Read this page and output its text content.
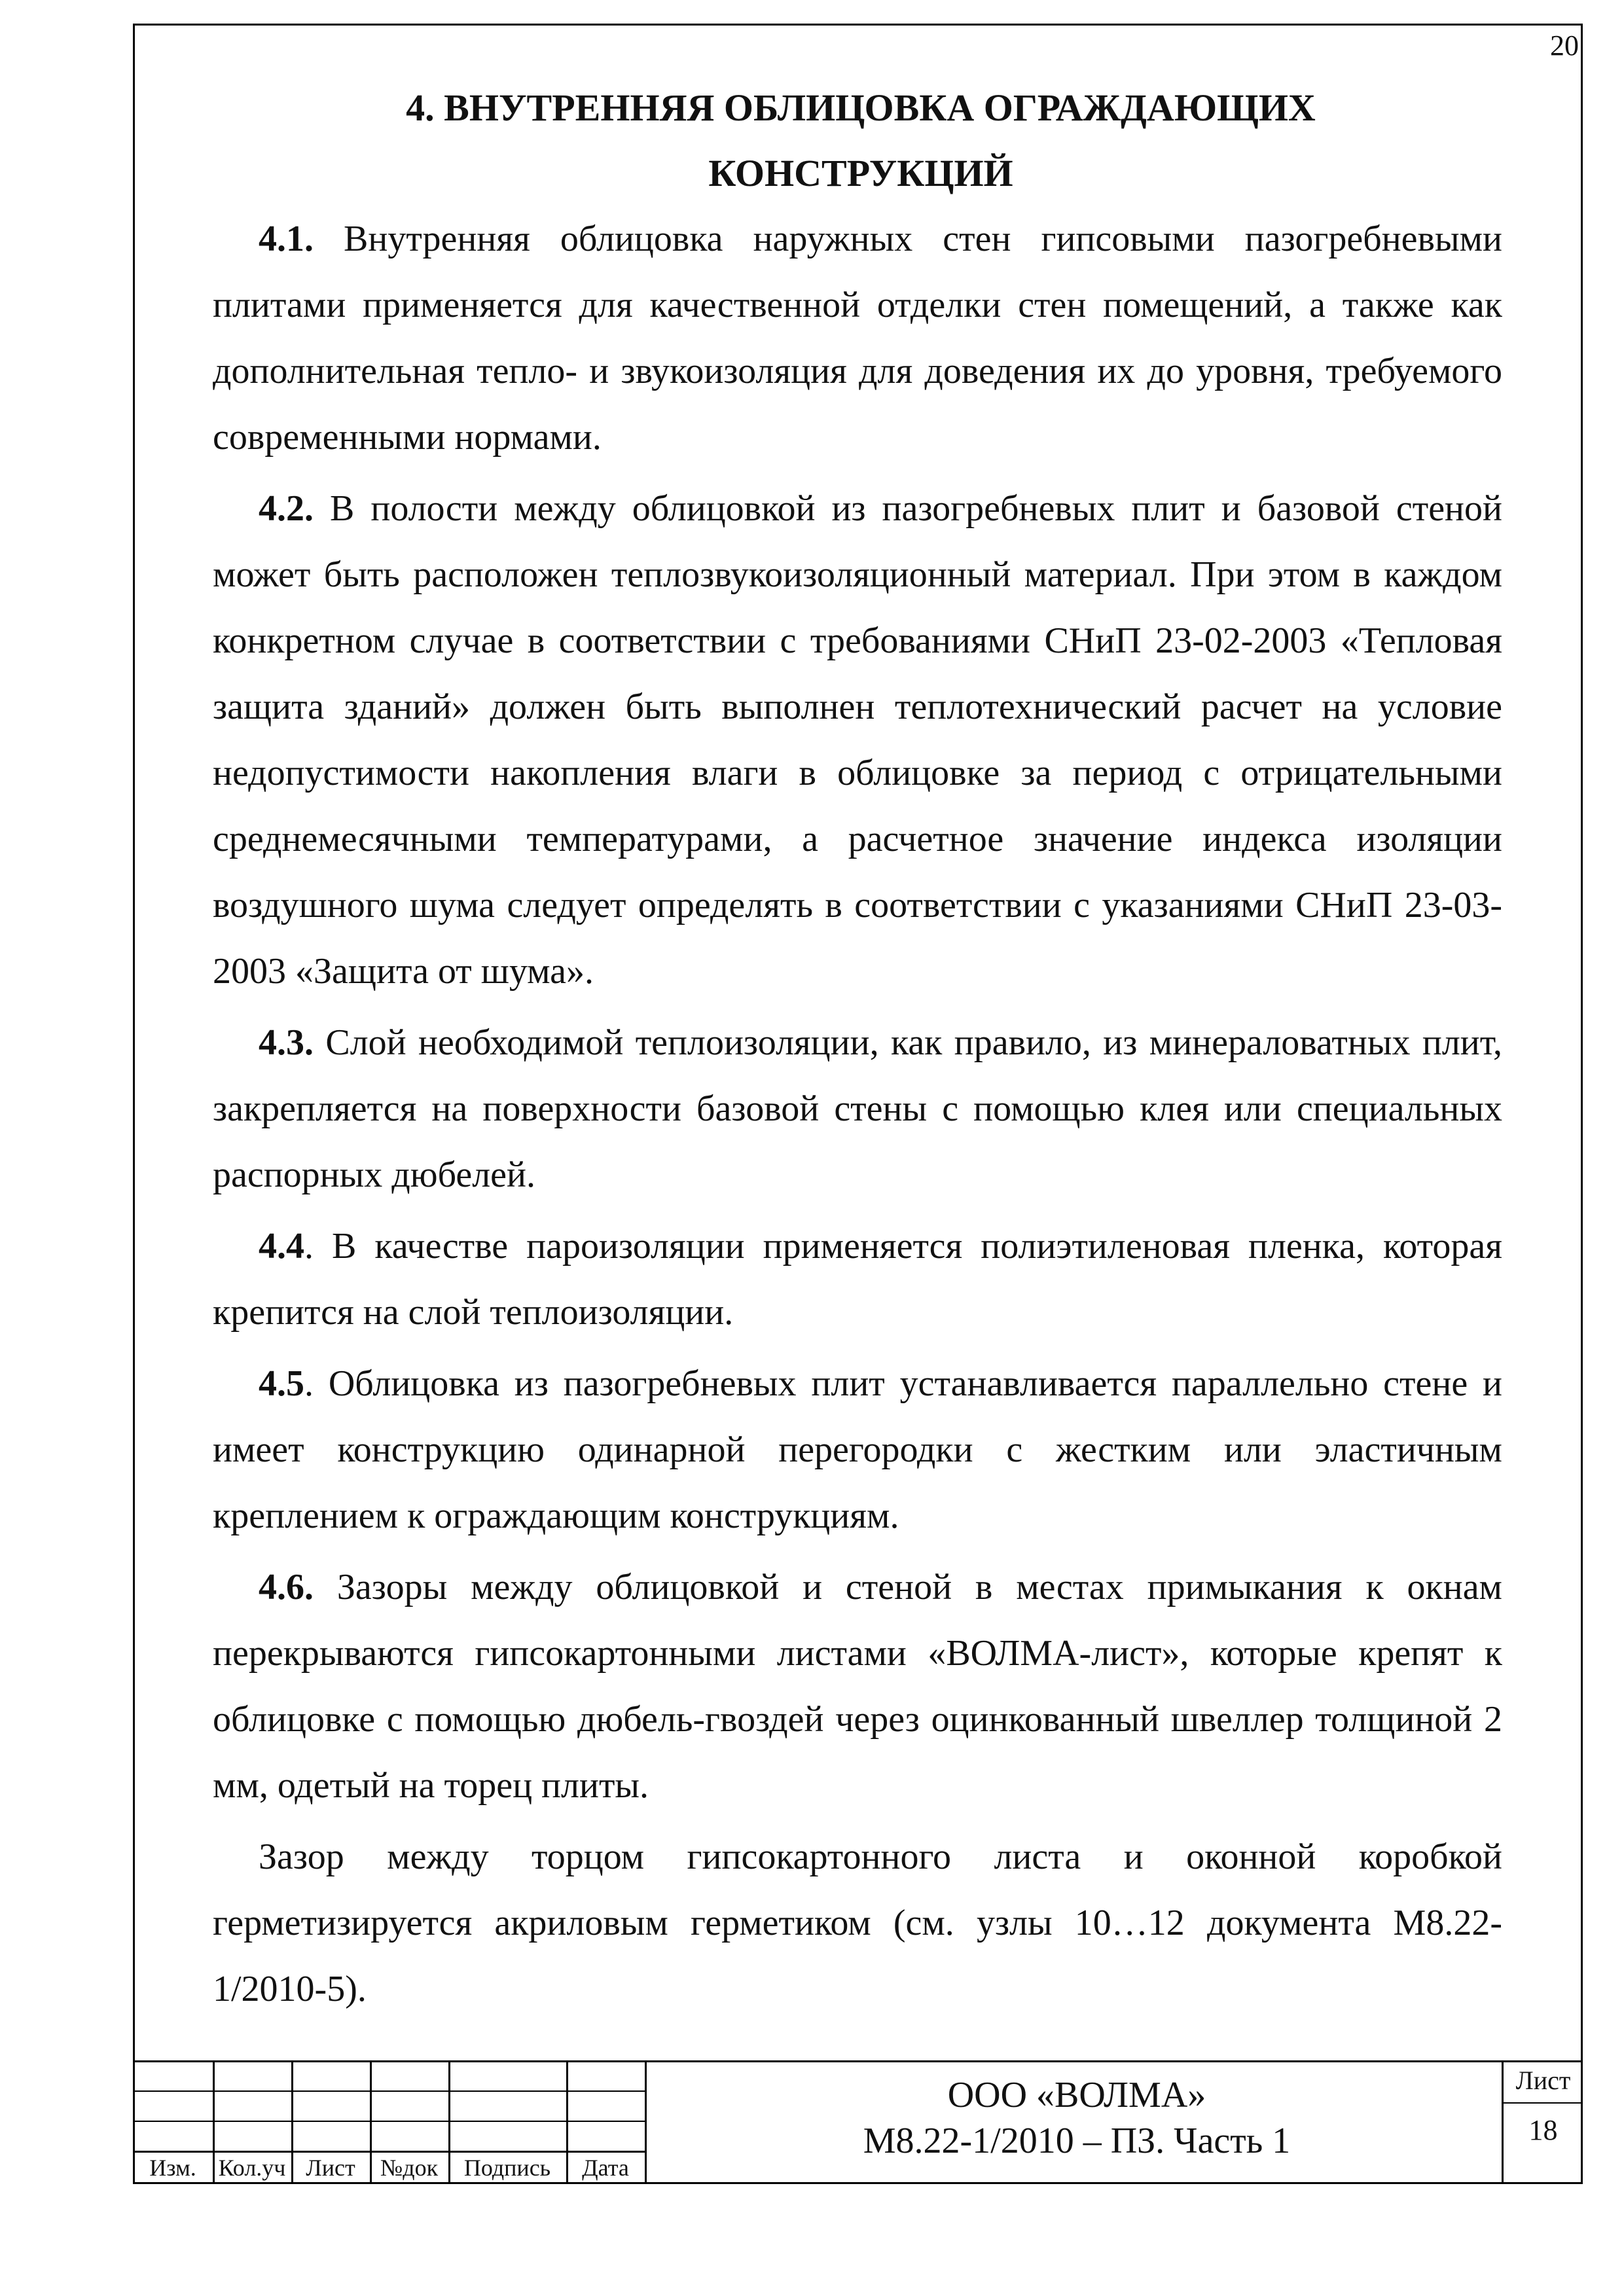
20
4. ВНУТРЕННЯЯ ОБЛИЦОВКА ОГРАЖДАЮЩИХ
КОНСТРУКЦИЙ

4.1. Внутренняя облицовка наружных стен гипсовыми пазогребневыми плитами применяется для качественной отделки стен помещений, а также как дополнительная тепло- и звукоизоляция для доведения их до уровня, требуемого современными нормами.

4.2. В полости между облицовкой из пазогребневых плит и базовой стеной может быть расположен теплозвукоизоляционный материал. При этом в каждом конкретном случае в соответствии с требованиями СНиП 23-02-2003 «Тепловая защита зданий» должен быть выполнен теплотехнический расчет на условие недопустимости накопления влаги в облицовке за период с отрицательными среднемесячными температурами, а расчетное значение индекса изоляции воздушного шума следует определять в соответствии с указаниями СНиП 23-03-2003 «Защита от шума».

4.3. Слой необходимой теплоизоляции, как правило, из минераловатных плит, закрепляется на поверхности базовой стены с помощью клея или специальных распорных дюбелей.

4.4. В качестве пароизоляции применяется полиэтиленовая пленка, которая крепится на слой теплоизоляции.

4.5. Облицовка из пазогребневых плит устанавливается параллельно стене и имеет конструкцию одинарной перегородки с жестким или эластичным креплением к ограждающим конструкциям.

4.6. Зазоры между облицовкой и стеной в местах примыкания к окнам перекрываются гипсокартонными листами «ВОЛМА-лист», которые крепят к облицовке с помощью дюбель-гвоздей через оцинкованный швеллер толщиной 2 мм, одетый на торец плиты.

Зазор между торцом гипсокартонного листа и оконной коробкой герметизируется акриловым герметиком (см. узлы 10…12 документа М8.22-1/2010-5).

Изм. Кол.уч Лист	№док	Подпись	Дата
ООО «ВОЛМА»
М8.22-1/2010 – ПЗ. Часть 1
Лист
18
